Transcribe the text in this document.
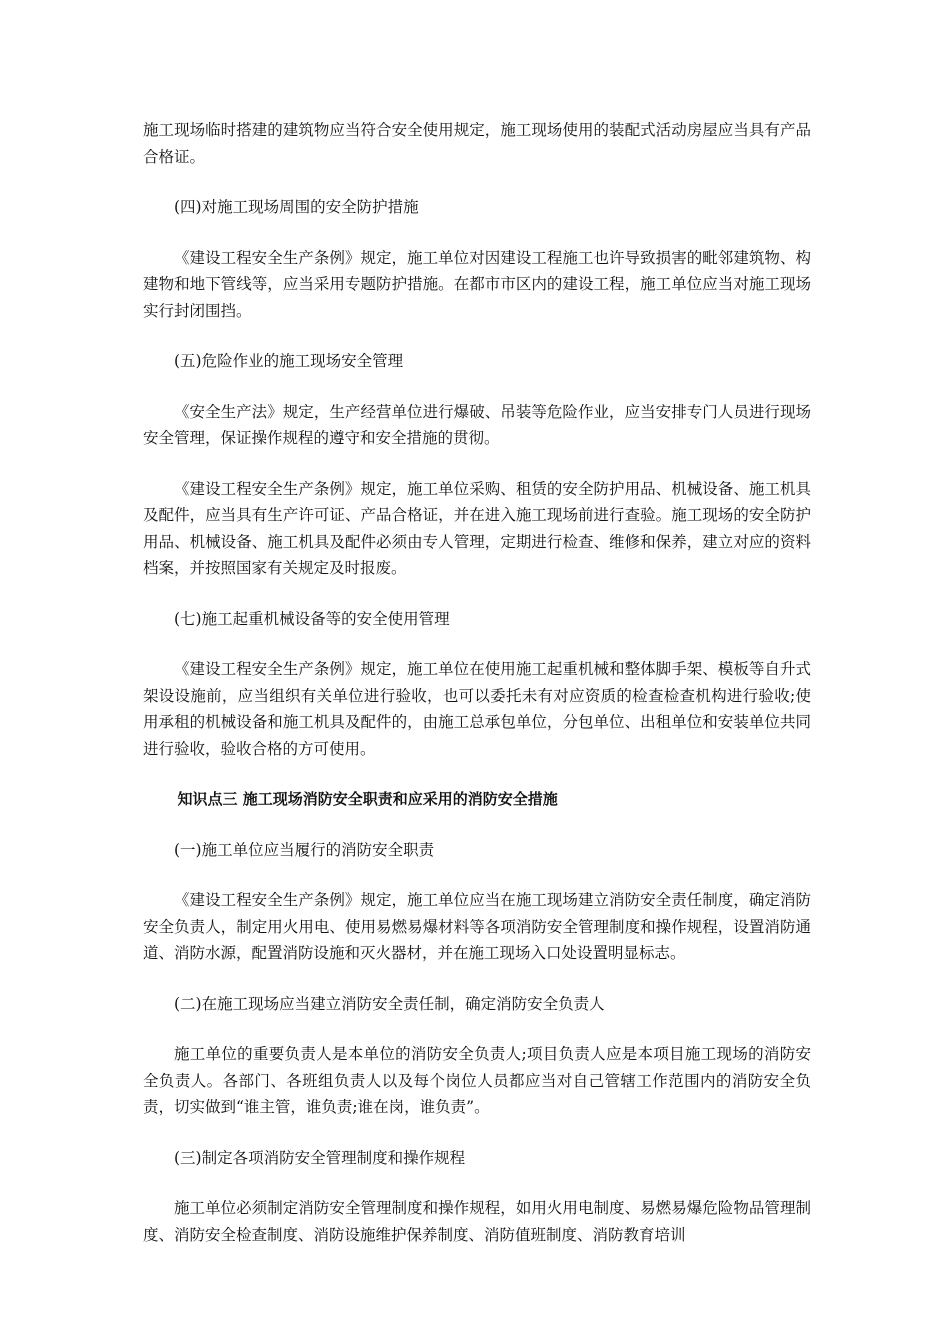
施工现场临时搭建的建筑物应当符合安全使用规定，施工现场使用的装配式活动房屋应当具有产品合格证。

(四)对施工现场周围的安全防护措施

《建设工程安全生产条例》规定，施工单位对因建设工程施工也许导致损害的毗邻建筑物、构建物和地下管线等，应当采用专题防护措施。在都市市区内的建设工程，施工单位应当对施工现场实行封闭围挡。

(五)危险作业的施工现场安全管理

《安全生产法》规定，生产经营单位进行爆破、吊装等危险作业，应当安排专门人员进行现场安全管理，保证操作规程的遵守和安全措施的贯彻。

《建设工程安全生产条例》规定，施工单位采购、租赁的安全防护用品、机械设备、施工机具及配件，应当具有生产许可证、产品合格证，并在进入施工现场前进行查验。施工现场的安全防护用品、机械设备、施工机具及配件必须由专人管理，定期进行检查、维修和保养，建立对应的资料档案，并按照国家有关规定及时报废。

(七)施工起重机械设备等的安全使用管理

《建设工程安全生产条例》规定，施工单位在使用施工起重机械和整体脚手架、模板等自升式架设设施前，应当组织有关单位进行验收，也可以委托未有对应资质的检查检查机构进行验收;使用承租的机械设备和施工机具及配件的，由施工总承包单位，分包单位、出租单位和安装单位共同进行验收，验收合格的方可使用。

知识点三 施工现场消防安全职责和应采用的消防安全措施

(一)施工单位应当履行的消防安全职责

《建设工程安全生产条例》规定，施工单位应当在施工现场建立消防安全责任制度，确定消防安全负责人，制定用火用电、使用易燃易爆材料等各项消防安全管理制度和操作规程，设置消防通道、消防水源，配置消防设施和灭火器材，并在施工现场入口处设置明显标志。

(二)在施工现场应当建立消防安全责任制，确定消防安全负责人

施工单位的重要负责人是本单位的消防安全负责人;项目负责人应是本项目施工现场的消防安全负责人。各部门、各班组负责人以及每个岗位人员都应当对自己管辖工作范围内的消防安全负责，切实做到“谁主管，谁负责;谁在岗，谁负责”。

(三)制定各项消防安全管理制度和操作规程

施工单位必须制定消防安全管理制度和操作规程，如用火用电制度、易燃易爆危险物品管理制度、消防安全检查制度、消防设施维护保养制度、消防值班制度、消防教育培训
